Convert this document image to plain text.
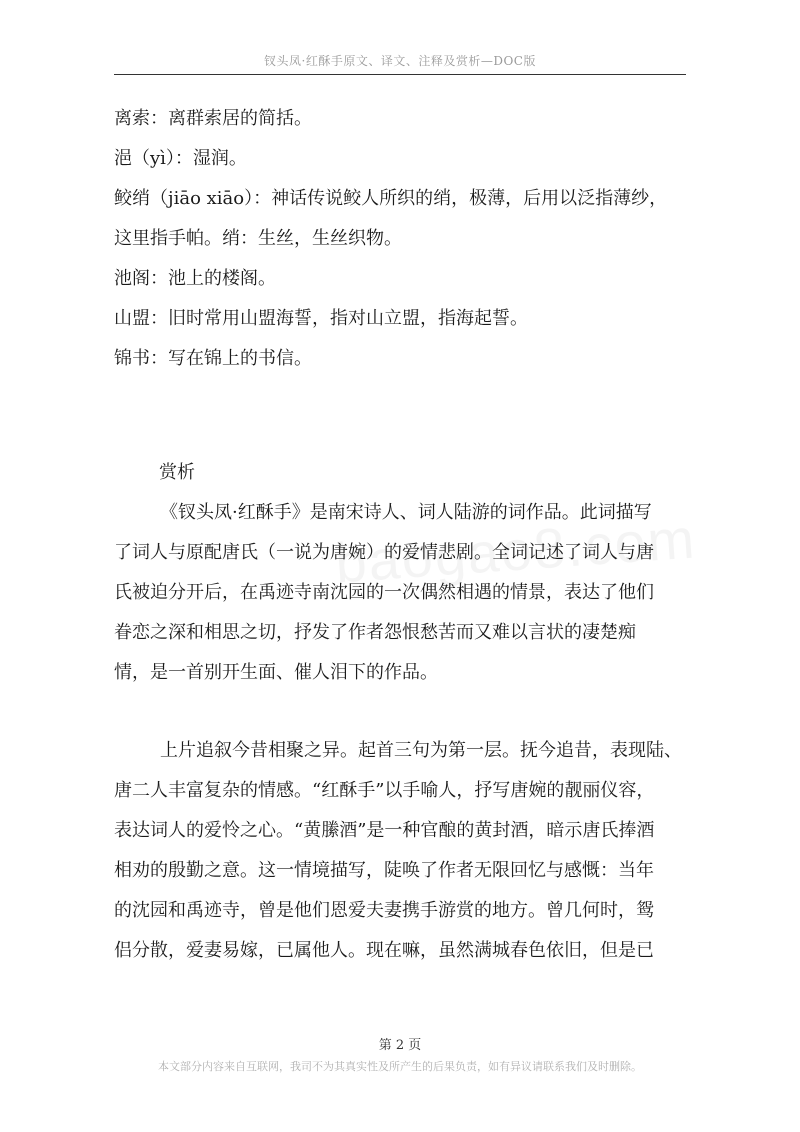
钗头凤·红酥手原文、译文、注释及赏析—DOC版
离索：离群索居的简括。
浥（yì）：湿润。
鲛绡（jiāo xiāo）：神话传说鲛人所织的绡，极薄，后用以泛指薄纱，
这里指手帕。绡：生丝，生丝织物。
池阁：池上的楼阁。
山盟：旧时常用山盟海誓，指对山立盟，指海起誓。
锦书：写在锦上的书信。
赏析
《钗头凤·红酥手》是南宋诗人、词人陆游的词作品。此词描写
了词人与原配唐氏（一说为唐婉）的爱情悲剧。全词记述了词人与唐
氏被迫分开后，在禹迹寺南沈园的一次偶然相遇的情景，表达了他们
眷恋之深和相思之切，抒发了作者怨恨愁苦而又难以言状的凄楚痴
情，是一首别开生面、催人泪下的作品。
上片追叙今昔相聚之异。起首三句为第一层。抚今追昔，表现陆、
唐二人丰富复杂的情感。“红酥手”以手喻人，抒写唐婉的靓丽仪容，
表达词人的爱怜之心。“黄縢酒”是一种官酿的黄封酒，暗示唐氏捧酒
相劝的殷勤之意。这一情境描写，陡唤了作者无限回忆与感慨：当年
的沈园和禹迹寺，曾是他们恩爱夫妻携手游赏的地方。曾几何时，鸳
侣分散，爱妻易嫁，已属他人。现在嘛，虽然满城春色依旧，但是已
第 2 页
本文部分内容来自互联网，我司不为其真实性及所产生的后果负责，如有异议请联系我们及时删除。
